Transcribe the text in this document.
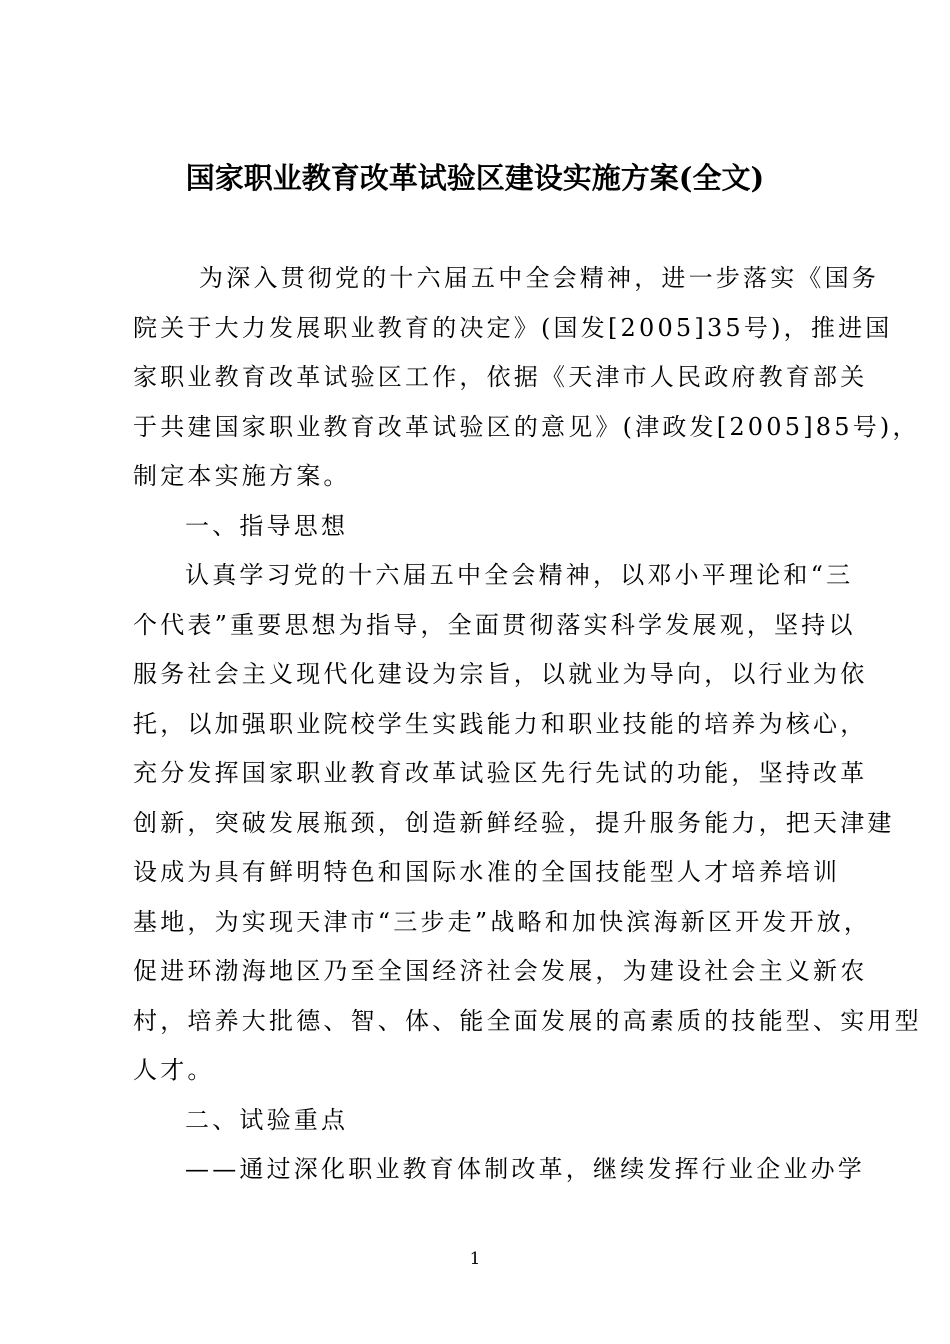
国家职业教育改革试验区建设实施方案(全文)
为深入贯彻党的十六届五中全会精神，进一步落实《国务
院关于大力发展职业教育的决定》(国发[2005]35号)，推进国
家职业教育改革试验区工作，依据《天津市人民政府教育部关
于共建国家职业教育改革试验区的意见》(津政发[2005]85号)，
制定本实施方案。
一、指导思想
认真学习党的十六届五中全会精神，以邓小平理论和“三
个代表”重要思想为指导，全面贯彻落实科学发展观，坚持以
服务社会主义现代化建设为宗旨，以就业为导向，以行业为依
托，以加强职业院校学生实践能力和职业技能的培养为核心，
充分发挥国家职业教育改革试验区先行先试的功能，坚持改革
创新，突破发展瓶颈，创造新鲜经验，提升服务能力，把天津建
设成为具有鲜明特色和国际水准的全国技能型人才培养培训
基地，为实现天津市“三步走”战略和加快滨海新区开发开放，
促进环渤海地区乃至全国经济社会发展，为建设社会主义新农
村，培养大批德、智、体、能全面发展的高素质的技能型、实用型
人才。
二、试验重点
——通过深化职业教育体制改革，继续发挥行业企业办学
1
